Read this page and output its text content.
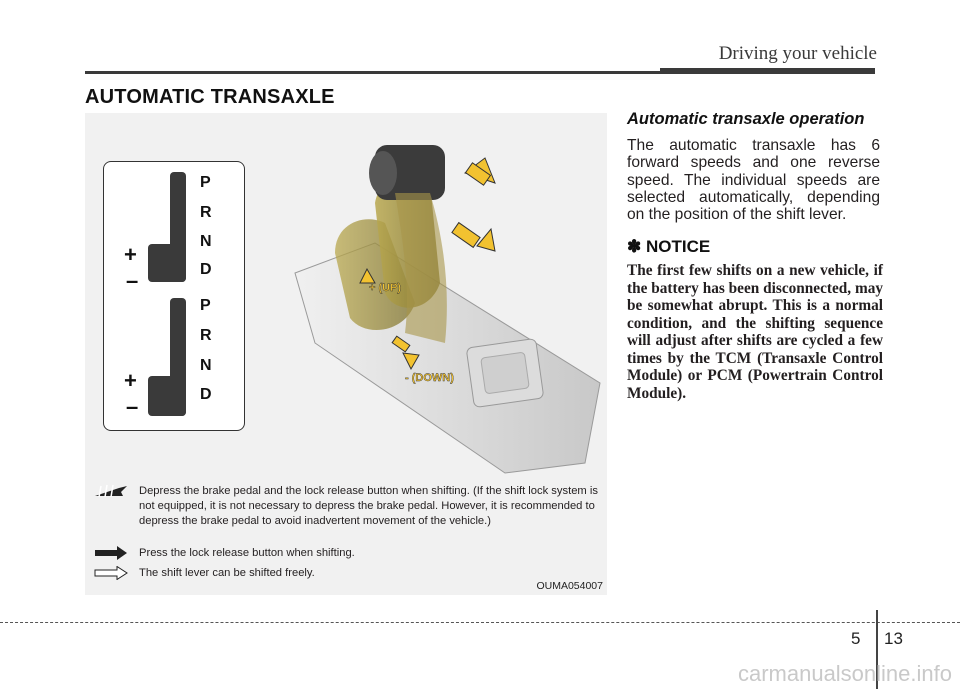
Driving your vehicle
AUTOMATIC TRANSAXLE
P
R
N
D
+
–
P
R
N
D
+
–
+ (UP)
- (DOWN)
Depress the brake pedal and the lock release button when shifting. (If the shift lock system is not equipped, it is not necessary to depress the brake pedal. However, it is recommended to depress the brake pedal to avoid inadvertent movement of the vehicle.)
Press the lock release button when shifting.
The shift lever can be shifted freely.
OUMA054007
Automatic transaxle operation
The automatic transaxle has 6 forward speeds and one reverse speed. The individual speeds are selected automatically, depending on the position of the shift lever.
✽ NOTICE
The first few shifts on a new vehicle, if the battery has been disconnected, may be somewhat abrupt. This is a normal condition, and the shifting sequence will adjust after shifts are cycled a few times by the TCM (Transaxle Control Module) or PCM (Powertrain Control Module).
5 13
carmanualsonline.info
